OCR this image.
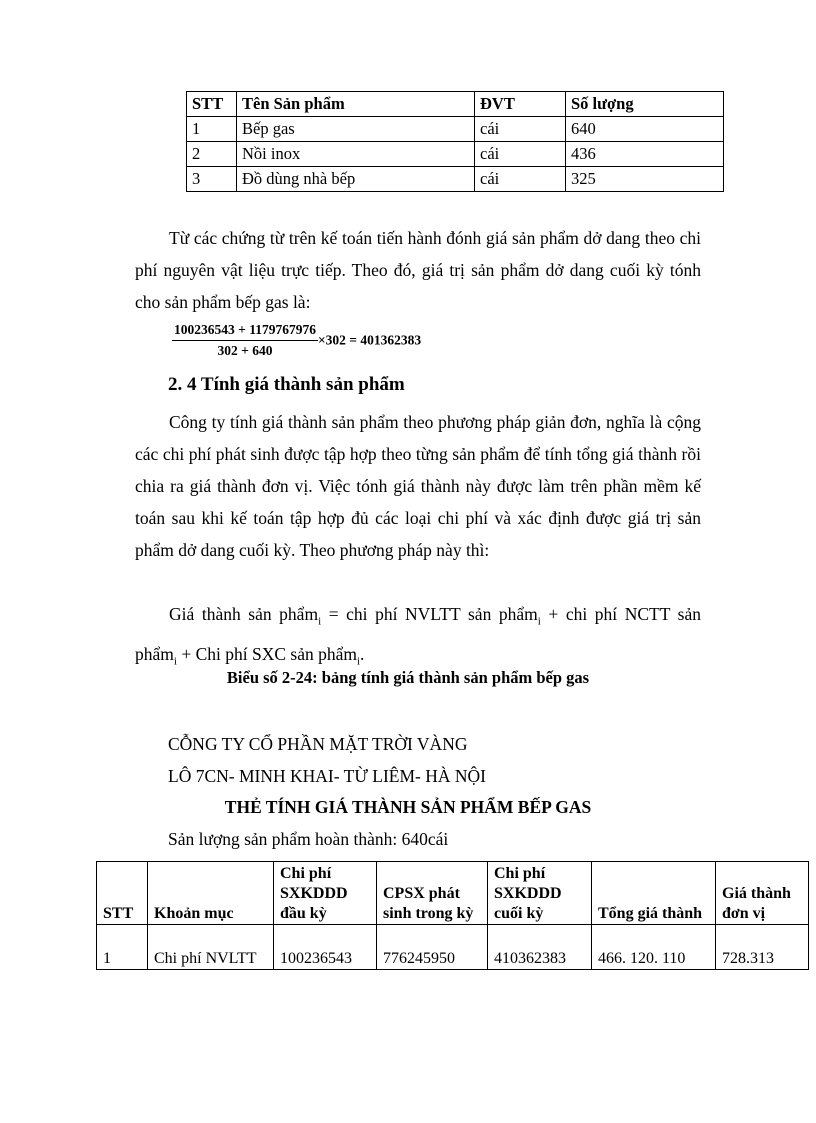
STT	Tên Sản phẩm	ĐVT	Số lượng
1	Bếp gas	cái	640
2	Nồi inox	cái	436
3	Đồ dùng nhà bếp	cái	325
Từ các chứng từ trên kế toán tiến hành đónh giá sản phẩm dở dang theo chi phí nguyên vật liệu trực tiếp. Theo đó, giá trị sản phẩm dở dang cuối kỳ tónh cho sản phẩm bếp gas là:
$\frac{100236543 + 1179767976}{302 + 640} \times 302 = 401362383$
2. 4 Tính giá thành sản phẩm
Công ty tính giá thành sản phẩm theo phương pháp giản đơn, nghĩa là cộng các chi phí phát sinh được tập hợp theo từng sản phẩm để tính tổng giá thành rồi chia ra giá thành đơn vị. Việc tónh giá thành này được làm trên phần mềm kế toán sau khi kế toán tập hợp đủ các loại chi phí và xác định được giá trị sản phẩm dở dang cuối kỳ. Theo phương pháp này thì:
Giá thành sản phẩm$_i$ = chi phí NVLTT sản phẩm$_i$ + chi phí NCTT sản phẩm$_i$ + Chi phí SXC sản phẩm$_i$.
Biểu số 2-24: bảng tính giá thành sản phẩm bếp gas
CỖNG TY CỔ PHẦN MẶT TRỜI VÀNG
LÔ 7CN- MINH KHAI- TỪ LIÊM- HÀ NỘI
THẺ TÍNH GIÁ THÀNH SẢN PHẨM BẾP GAS
Sản lượng sản phẩm hoàn thành: 640cái
STT	Khoản mục	Chi phí SXKDDD đầu kỳ	CPSX phát sinh trong kỳ	Chi phí SXKDDD cuối kỳ	Tổng giá thành	Giá thành đơn vị
1	Chi phí NVLTT	100236543	776245950	410362383	466. 120. 110	728.313
